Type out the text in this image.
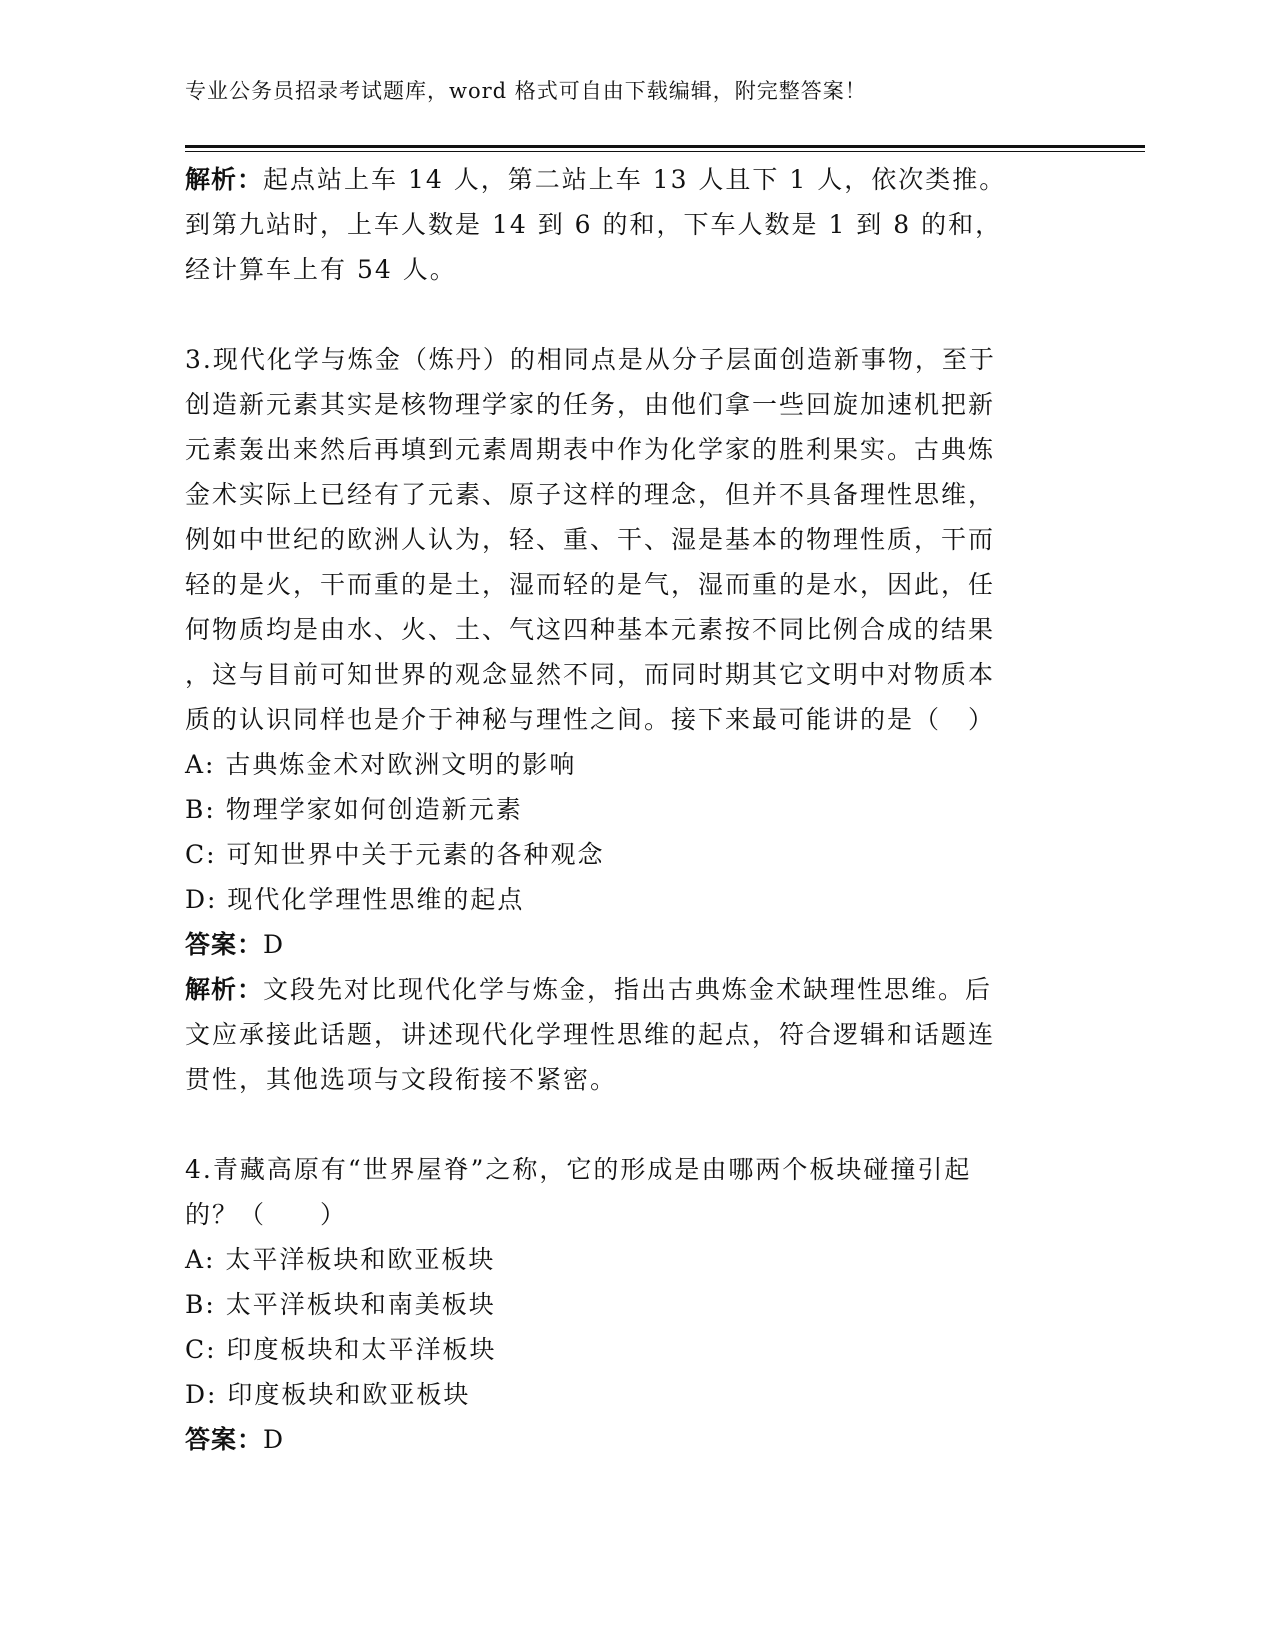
专业公务员招录考试题库，word 格式可自由下载编辑，附完整答案！
解析：起点站上车 14 人，第二站上车 13 人且下 1 人，依次类推。
到第九站时，上车人数是 14 到 6 的和，下车人数是 1 到 8 的和，
经计算车上有 54 人。
3.现代化学与炼金（炼丹）的相同点是从分子层面创造新事物，至于
创造新元素其实是核物理学家的任务，由他们拿一些回旋加速机把新
元素轰出来然后再填到元素周期表中作为化学家的胜利果实。古典炼
金术实际上已经有了元素、原子这样的理念，但并不具备理性思维，
例如中世纪的欧洲人认为，轻、重、干、湿是基本的物理性质，干而
轻的是火，干而重的是土，湿而轻的是气，湿而重的是水，因此，任
何物质均是由水、火、土、气这四种基本元素按不同比例合成的结果
，这与目前可知世界的观念显然不同，而同时期其它文明中对物质本
质的认识同样也是介于神秘与理性之间。接下来最可能讲的是（　）
A: 古典炼金术对欧洲文明的影响
B: 物理学家如何创造新元素
C: 可知世界中关于元素的各种观念
D: 现代化学理性思维的起点
答案：D
解析：文段先对比现代化学与炼金，指出古典炼金术缺理性思维。后
文应承接此话题，讲述现代化学理性思维的起点，符合逻辑和话题连
贯性，其他选项与文段衔接不紧密。
4.青藏高原有“世界屋脊”之称，它的形成是由哪两个板块碰撞引起
的？（　　）
A: 太平洋板块和欧亚板块
B: 太平洋板块和南美板块
C: 印度板块和太平洋板块
D: 印度板块和欧亚板块
答案：D
